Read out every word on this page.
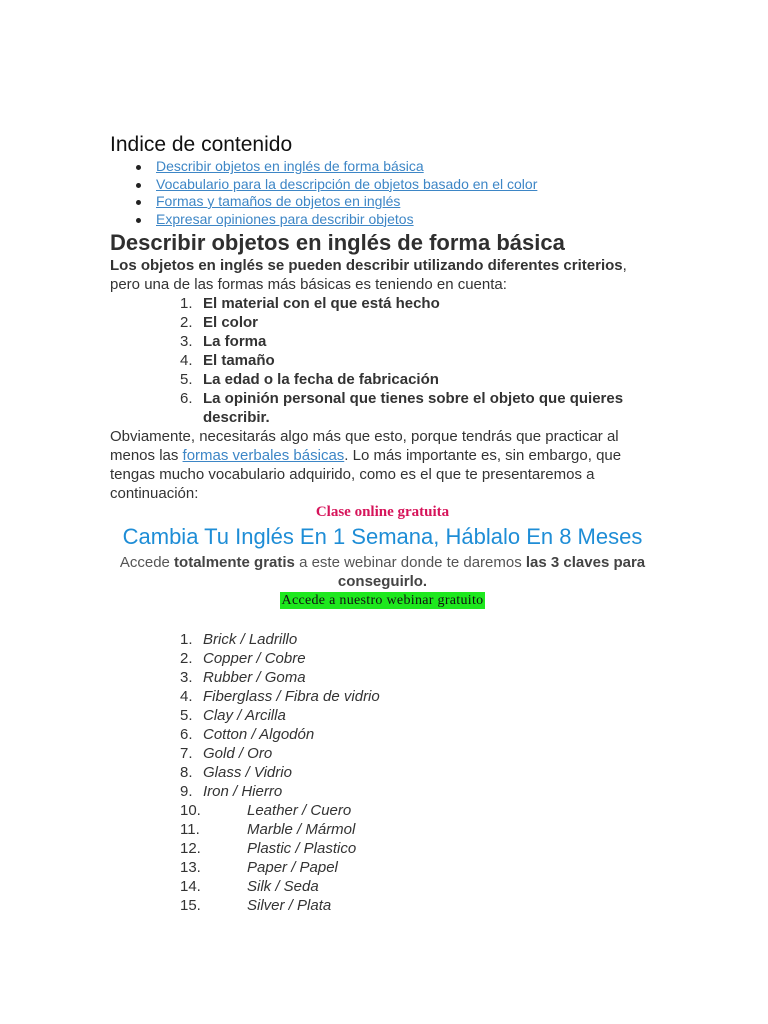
Indice de contenido
Describir objetos en inglés de forma básica
Vocabulario para la descripción de objetos basado en el color
Formas y tamaños de objetos en inglés
Expresar opiniones para describir objetos
Describir objetos en inglés de forma básica

Los objetos en inglés se pueden describir utilizando diferentes criterios, pero una de las formas más básicas es teniendo en cuenta:

1. El material con el que está hecho
2. El color
3. La forma
4. El tamaño
5. La edad o la fecha de fabricación
6. La opinión personal que tienes sobre el objeto que quieres describir.

Obviamente, necesitarás algo más que esto, porque tendrás que practicar al menos las formas verbales básicas. Lo más importante es, sin embargo, que tengas mucho vocabulario adquirido, como es el que te presentaremos a continuación:

Clase online gratuita
Cambia Tu Inglés En 1 Semana, Háblalo En 8 Meses

Accede totalmente gratis a este webinar donde te daremos las 3 claves para conseguirlo.

Accede a nuestro webinar gratuito
1. Brick / Ladrillo
2. Copper / Cobre
3. Rubber / Goma
4. Fiberglass / Fibra de vidrio
5. Clay / Arcilla
6. Cotton / Algodón
7. Gold / Oro
8. Glass / Vidrio
9. Iron / Hierro
10.	Leather / Cuero
11.	Marble / Mármol
12.	Plastic / Plastico
13.	Paper / Papel
14.	Silk / Seda
15.	Silver / Plata
